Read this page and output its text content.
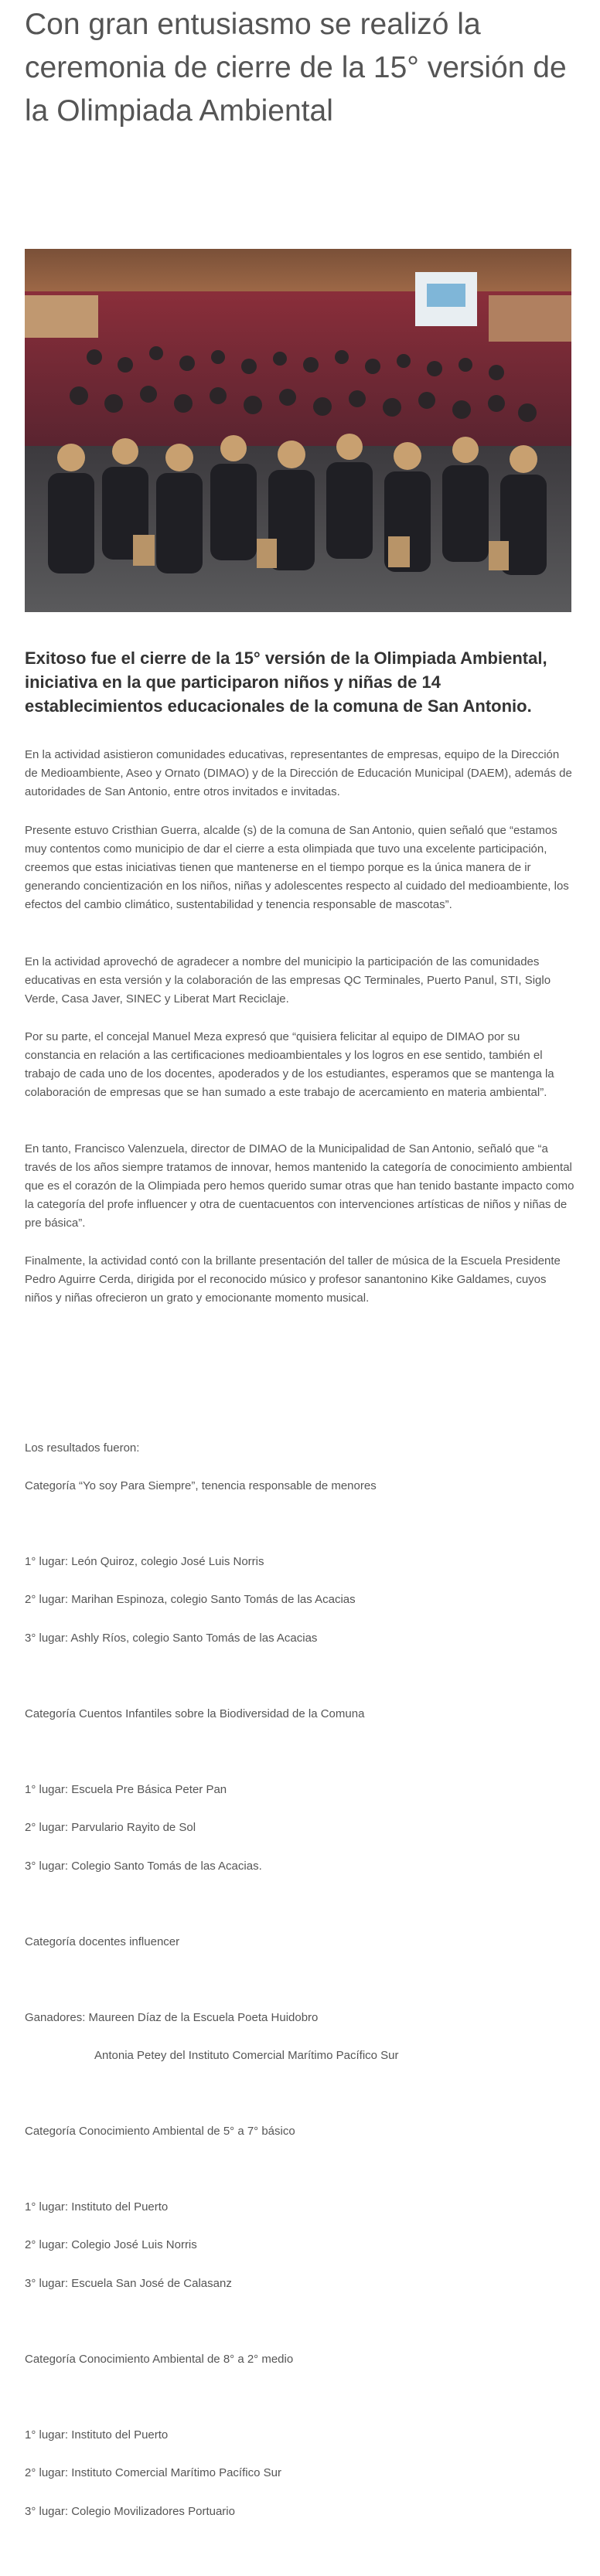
Con gran entusiasmo se realizó la ceremonia de cierre de la 15° versión de la Olimpiada Ambiental
Exitoso fue el cierre de la 15° versión de la Olimpiada Ambiental, iniciativa en la que participaron niños y niñas de 14 establecimientos educacionales de la comuna de San Antonio.

En la actividad asistieron comunidades educativas, representantes de empresas, equipo de la Dirección de Medioambiente, Aseo y Ornato (DIMAO) y de la Dirección de Educación Municipal (DAEM), además de autoridades de San Antonio, entre otros invitados e invitadas.

Presente estuvo Cristhian Guerra, alcalde (s) de la comuna de San Antonio, quien señaló que “estamos muy contentos como municipio de dar el cierre a esta olimpiada que tuvo una excelente participación, creemos que estas iniciativas tienen que mantenerse en el tiempo porque es la única manera de ir generando concientización en los niños, niñas y adolescentes respecto al cuidado del medioambiente, los efectos del cambio climático, sustentabilidad y tenencia responsable de mascotas”.

En la actividad aprovechó de agradecer a nombre del municipio la participación de las comunidades educativas en esta versión y la colaboración de las empresas QC Terminales, Puerto Panul, STI, Siglo Verde, Casa Javer, SINEC y Liberat Mart Reciclaje.

Por su parte, el concejal Manuel Meza expresó que “quisiera felicitar al equipo de DIMAO por su constancia en relación a las certificaciones medioambientales y los logros en ese sentido, también el trabajo de cada uno de los docentes, apoderados y de los estudiantes, esperamos que se mantenga la colaboración de empresas que se han sumado a este trabajo de acercamiento en materia ambiental”.

En tanto, Francisco Valenzuela, director de DIMAO de la Municipalidad de San Antonio, señaló que “a través de los años siempre tratamos de innovar, hemos mantenido la categoría de conocimiento ambiental que es el corazón de la Olimpiada pero hemos querido sumar otras que han tenido bastante impacto como la categoría del profe influencer y otra de cuentacuentos con intervenciones artísticas de niños y niñas de pre básica”.

Finalmente, la actividad contó con la brillante presentación del taller de música de la Escuela Presidente Pedro Aguirre Cerda, dirigida por el reconocido músico y profesor sanantonino Kike Galdames, cuyos niños y niñas ofrecieron un grato y emocionante momento musical.

Los resultados fueron:

Categoría “Yo soy Para Siempre”, tenencia responsable de menores

1° lugar: León Quiroz, colegio José Luis Norris

2° lugar: Marihan Espinoza, colegio Santo Tomás de las Acacias

3° lugar: Ashly Ríos, colegio Santo Tomás de las Acacias

Categoría Cuentos Infantiles sobre la Biodiversidad de la Comuna

1° lugar: Escuela Pre Básica Peter Pan

2° lugar: Parvulario Rayito de Sol

3° lugar: Colegio Santo Tomás de las Acacias.

Categoría docentes influencer

Ganadores: Maureen Díaz de la Escuela Poeta Huidobro

Antonia Petey del Instituto Comercial Marítimo Pacífico Sur

Categoría Conocimiento Ambiental de 5° a 7° básico

1° lugar: Instituto del Puerto

2° lugar: Colegio José Luis Norris

3° lugar: Escuela San José de Calasanz

Categoría Conocimiento Ambiental de 8° a 2° medio

1° lugar: Instituto del Puerto

2° lugar: Instituto Comercial Marítimo Pacífico Sur

3° lugar: Colegio Movilizadores Portuario
